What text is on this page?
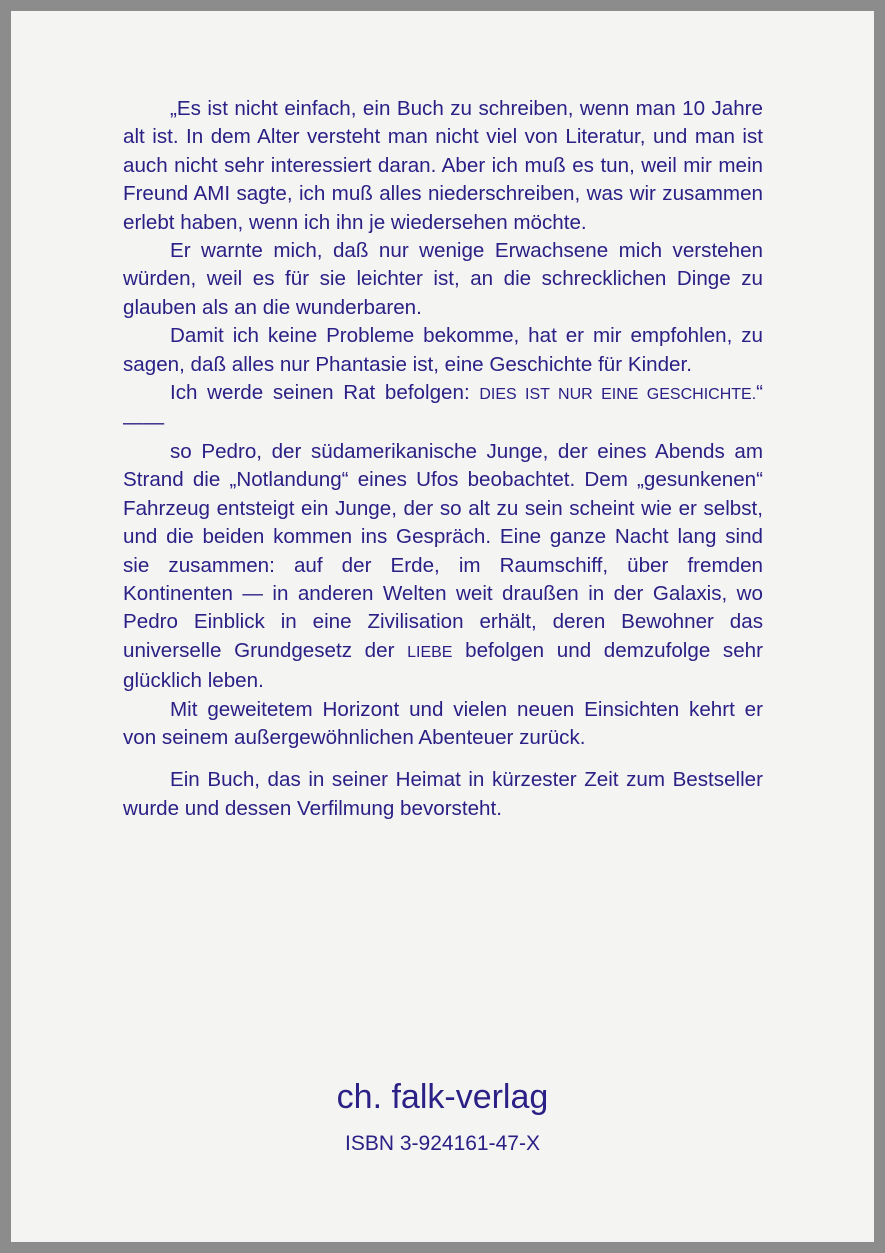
„Es ist nicht einfach, ein Buch zu schreiben, wenn man 10 Jahre alt ist. In dem Alter versteht man nicht viel von Literatur, und man ist auch nicht sehr interessiert daran. Aber ich muß es tun, weil mir mein Freund AMI sagte, ich muß alles niederschreiben, was wir zusammen erlebt haben, wenn ich ihn je wiedersehen möchte.

Er warnte mich, daß nur wenige Erwachsene mich verstehen würden, weil es für sie leichter ist, an die schrecklichen Dinge zu glauben als an die wunderbaren.

Damit ich keine Probleme bekomme, hat er mir empfohlen, zu sagen, daß alles nur Phantasie ist, eine Geschichte für Kinder.

Ich werde seinen Rat befolgen: DIES IST NUR EINE GESCHICHTE.“ ——

so Pedro, der südamerikanische Junge, der eines Abends am Strand die „Notlandung“ eines Ufos beobachtet. Dem „gesunkenen“ Fahrzeug entsteigt ein Junge, der so alt zu sein scheint wie er selbst, und die beiden kommen ins Gespräch. Eine ganze Nacht lang sind sie zusammen: auf der Erde, im Raumschiff, über fremden Kontinenten — in anderen Welten weit draußen in der Galaxis, wo Pedro Einblick in eine Zivilisation erhält, deren Bewohner das universelle Grundgesetz der LIEBE befolgen und demzufolge sehr glücklich leben.

Mit geweitetem Horizont und vielen neuen Einsichten kehrt er von seinem außergewöhnlichen Abenteuer zurück.

Ein Buch, das in seiner Heimat in kürzester Zeit zum Bestseller wurde und dessen Verfilmung bevorsteht.

ch. falk-verlag
ISBN 3-924161-47-X
